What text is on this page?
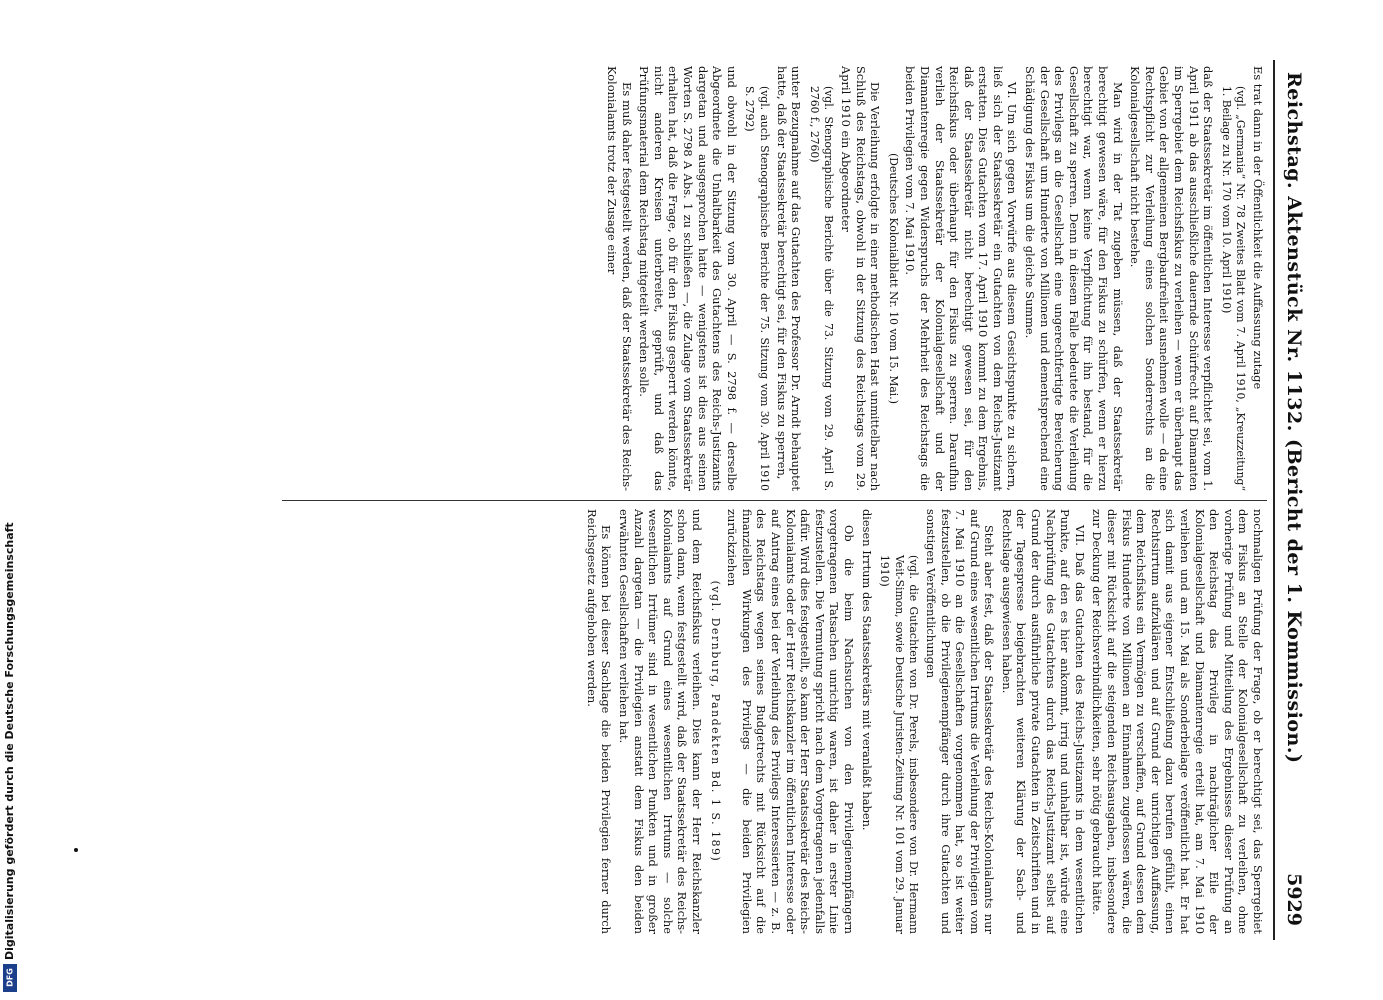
Reichstag. Aktenstück Nr. 1132. (Bericht der 1. Kommission.)
5929

Es trat dann in der Öffentlichkeit die Auffassung zutage

(vgl. „Germania“ Nr. 78 Zweites Blatt vom 7. April 1910, „Kreuzzeitung“ 1. Beilage zu Nr. 170 vom 10. April 1910)

daß der Staatssekretär im öffentlichen Interesse verpflichtet sei, vom 1. April 1911 ab das ausschließliche dauernde Schürfrecht auf Diamanten im Sperrgebiet dem Reichsfiskus zu verleihen — wenn er überhaupt das Gebiet von der allgemeinen Bergbaufreiheit ausnehmen wolle — da eine Rechtspflicht zur Verleihung eines solchen Sonderrechts an die Kolonialgesellschaft nicht bestehe.

Man wird in der Tat zugeben müssen, daß der Staatssekretär berechtigt gewesen wäre, für den Fiskus zu schürfen, wenn er hierzu berechtigt war, wenn keine Verpflichtung für ihn bestand, für die Gesellschaft zu sperren. Denn in diesem Falle bedeutete die Verleihung des Privilegs an die Gesellschaft eine ungerechtfertigte Bereicherung der Gesellschaft um Hunderte von Millionen und dementsprechend eine Schädigung des Fiskus um die gleiche Summe.

VI. Um sich gegen Vorwürfe aus diesem Gesichtspunkte zu sichern, ließ sich der Staatssekretär ein Gutachten von dem Reichs-Justizamt erstatten. Dies Gutachten vom 17. April 1910 kommt zu dem Ergebnis, daß der Staatssekretär nicht berechtigt gewesen sei, für den Reichsfiskus oder überhaupt für den Fiskus zu sperren. Daraufhin verlieh der Staatssekretär der Kolonialgesellschaft und der Diamantenregie gegen Widerspruchs der Mehrheit des Reichstags die beiden Privilegien vom 7. Mai 1910.

(Deutsches Kolonialblatt Nr. 10 vom 15. Mai.)

Die Verleihung erfolgte in einer methodischen Hast unmittelbar nach Schluß des Reichstags, obwohl in der Sitzung des Reichstags vom 29. April 1910 ein Abgeordneter

(vgl. Stenographische Berichte über die 73. Sitzung vom 29. April S. 2760 f., 2760)

unter Bezugnahme auf das Gutachten des Professor Dr. Arndt behauptet hatte, daß der Staatssekretär berechtigt sei, für den Fiskus zu sperren,

(vgl. auch Stenographische Berichte der 75. Sitzung vom 30. April 1910 S. 2792)

und obwohl in der Sitzung vom 30. April — S. 2798 f. — derselbe Abgeordnete die Unhaltbarkeit des Gutachtens des Reichs-Justizamts dargetan und ausgesprochen hatte — wenigstens ist dies aus seinen Worten S. 2798 A Abs. 1 zu schließen —, die Zulage vom Staatssekretär erhalten hat, daß die Frage, ob für den Fiskus gesperrt werden könnte, nicht anderen Kreisen unterbreitet, geprüft, und daß das Prüfungsmaterial dem Reichstag mitgeteilt werden solle.

Es muß daher festgestellt werden, daß der Staatssekretär des Reichs-Kolonialamts trotz der Zusage einer

nochmaligen Prüfung der Frage, ob er berechtigt sei, das Sperrgebiet dem Fiskus an Stelle der Kolonialgesellschaft zu verleihen, ohne vorherige Prüfung und Mitteilung des Ergebnisses dieser Prüfung an den Reichstag das Privileg in nachträglicher Eile der Kolonialgesellschaft und Diamantenregie erteilt hat, am 7. Mai 1910 verliehen und am 15. Mai als Sonderbeilage veröffentlicht hat. Er hat sich damit aus eigener Entschließung dazu berufen gefühlt, einen Rechtsirrtum aufzuklären und auf Grund der unrichtigen Auffassung, dem Reichsfiskus ein Vermögen zu verschaffen, auf Grund dessen dem Fiskus Hunderte von Millionen an Einnahmen zugeflossen wären, die dieser mit Rücksicht auf die steigenden Reichsausgaben, insbesondere zur Deckung der Reichsverbindlichkeiten, sehr nötig gebraucht hätte.

VII. Daß das Gutachten des Reichs-Justizamts in dem wesentlichen Punkte, auf den es hier ankommt, irrig und unhaltbar ist, würde eine Nachprüfung des Gutachtens durch das Reichs-Justizamt selbst auf Grund der durch ausführliche private Gutachten in Zeitschriften und in der Tagespresse beigebrachten weiteren Klärung der Sach- und Rechtslage ausgewiesen haben.

Steht aber fest, daß der Staatssekretär des Reichs-Kolonialamts nur auf Grund eines wesentlichen Irrtums die Verleihung der Privilegien vom 7. Mai 1910 an die Gesellschaften vorgenommen hat, so ist weiter festzustellen, ob die Privilegienempfänger durch ihre Gutachten und sonstigen Veröffentlichungen

(vgl. die Gutachten von Dr. Perels, insbesondere von Dr. Hermann Veit-Simon, sowie Deutsche Juristen-Zeitung Nr. 101 vom 29. Januar 1910)

diesen Irrtum des Staatssekretärs mit veranlaßt haben.

Ob die beim Nachsuchen von den Privilegienempfängern vorgetragenen Tatsachen unrichtig waren, ist daher in erster Linie festzustellen. Die Vermutung spricht nach dem Vorgetragenen jedenfalls dafür. Wird dies festgestellt, so kann der Herr Staatssekretär des Reichs-Kolonialamts oder der Herr Reichskanzler im öffentlichen Interesse oder auf Antrag eines bei der Verleihung des Privilegs Interessierten — z. B. des Reichstags wegen seines Budgetrechts mit Rücksicht auf die finanziellen Wirkungen des Privilegs — die beiden Privilegien zurückziehen

(vgl. Dernburg, Pandekten Bd. 1 S. 189)

und dem Reichsfiskus verleihen. Dies kann der Herr Reichskanzler schon dann, wenn festgestellt wird, daß der Staatssekretär des Reichs-Kolonialamts auf Grund eines wesentlichen Irrtums — solche wesentlichen Irrtümer sind in wesentlichen Punkten und in großer Anzahl dargetan — die Privilegien anstatt dem Fiskus den beiden erwähnten Gesellschaften verliehen hat.

Es können bei dieser Sachlage die beiden Privilegien ferner durch Reichsgesetz aufgehoben werden.

Digitalisierung gefördert durch die Deutsche Forschungsgemeinschaft
DFG
